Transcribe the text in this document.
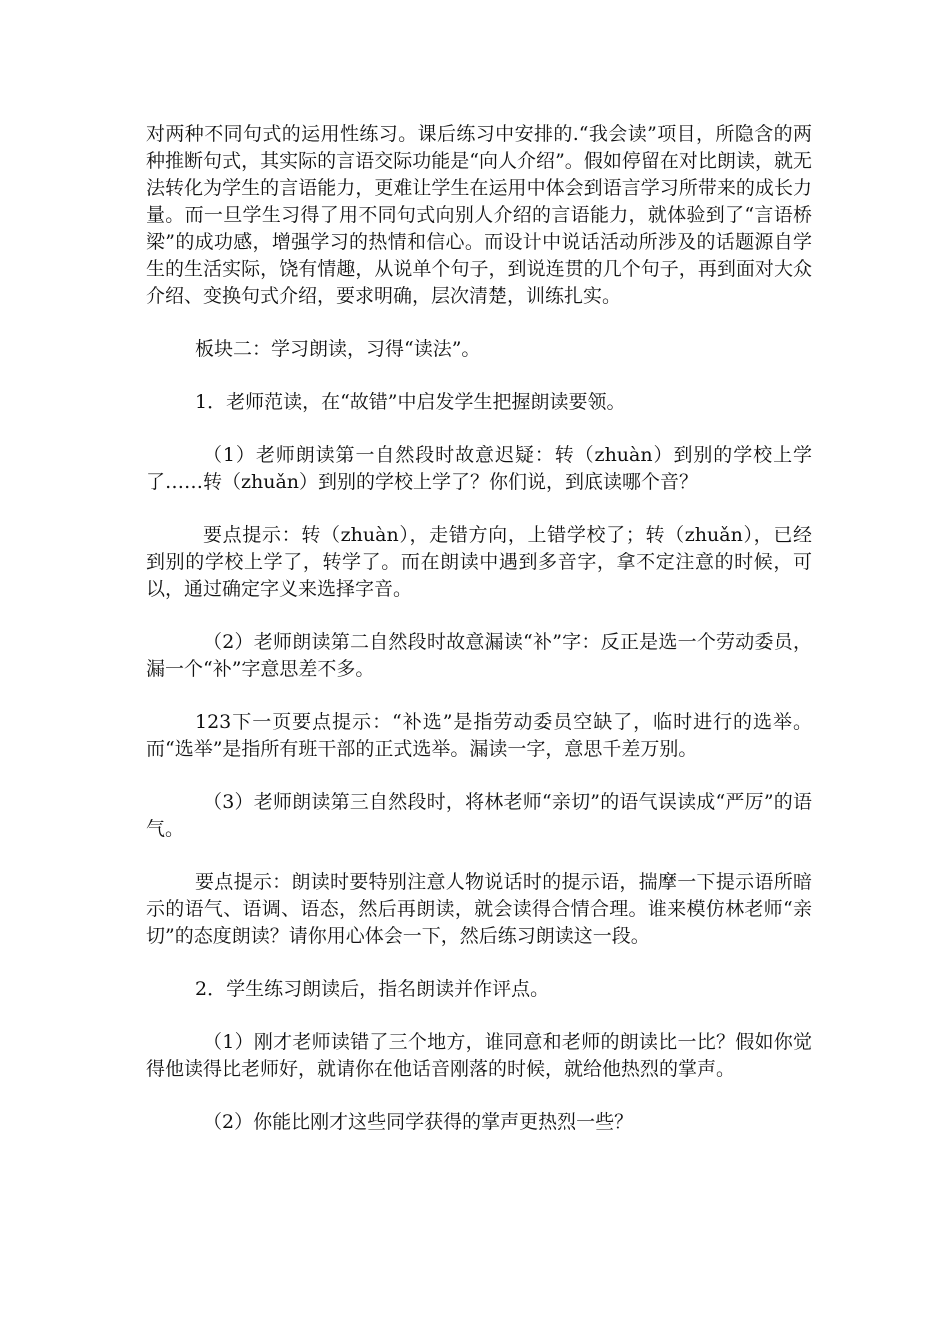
对两种不同句式的运用性练习。课后练习中安排的.“我会读”项目，所隐含的两种推断句式，其实际的言语交际功能是“向人介绍”。假如停留在对比朗读，就无法转化为学生的言语能力，更难让学生在运用中体会到语言学习所带来的成长力量。而一旦学生习得了用不同句式向别人介绍的言语能力，就体验到了“言语桥梁”的成功感，增强学习的热情和信心。而设计中说话活动所涉及的话题源自学生的生活实际，饶有情趣，从说单个句子，到说连贯的几个句子，再到面对大众介绍、变换句式介绍，要求明确，层次清楚，训练扎实。

板块二：学习朗读，习得“读法”。

1．老师范读，在“故错”中启发学生把握朗读要领。

（1）老师朗读第一自然段时故意迟疑：转（zhuàn）到别的学校上学了……转（zhuǎn）到别的学校上学了？你们说，到底读哪个音？

要点提示：转（zhuàn），走错方向，上错学校了；转（zhuǎn），已经到别的学校上学了，转学了。而在朗读中遇到多音字，拿不定注意的时候，可以，通过确定字义来选择字音。

（2）老师朗读第二自然段时故意漏读“补”字：反正是选一个劳动委员，漏一个“补”字意思差不多。

123下一页要点提示：“补选”是指劳动委员空缺了，临时进行的选举。而“选举”是指所有班干部的正式选举。漏读一字，意思千差万别。

（3）老师朗读第三自然段时，将林老师“亲切”的语气误读成“严厉”的语气。

要点提示：朗读时要特别注意人物说话时的提示语，揣摩一下提示语所暗示的语气、语调、语态，然后再朗读，就会读得合情合理。谁来模仿林老师“亲切”的态度朗读？请你用心体会一下，然后练习朗读这一段。

2．学生练习朗读后，指名朗读并作评点。

（1）刚才老师读错了三个地方，谁同意和老师的朗读比一比？假如你觉得他读得比老师好，就请你在他话音刚落的时候，就给他热烈的掌声。

（2）你能比刚才这些同学获得的掌声更热烈一些？
